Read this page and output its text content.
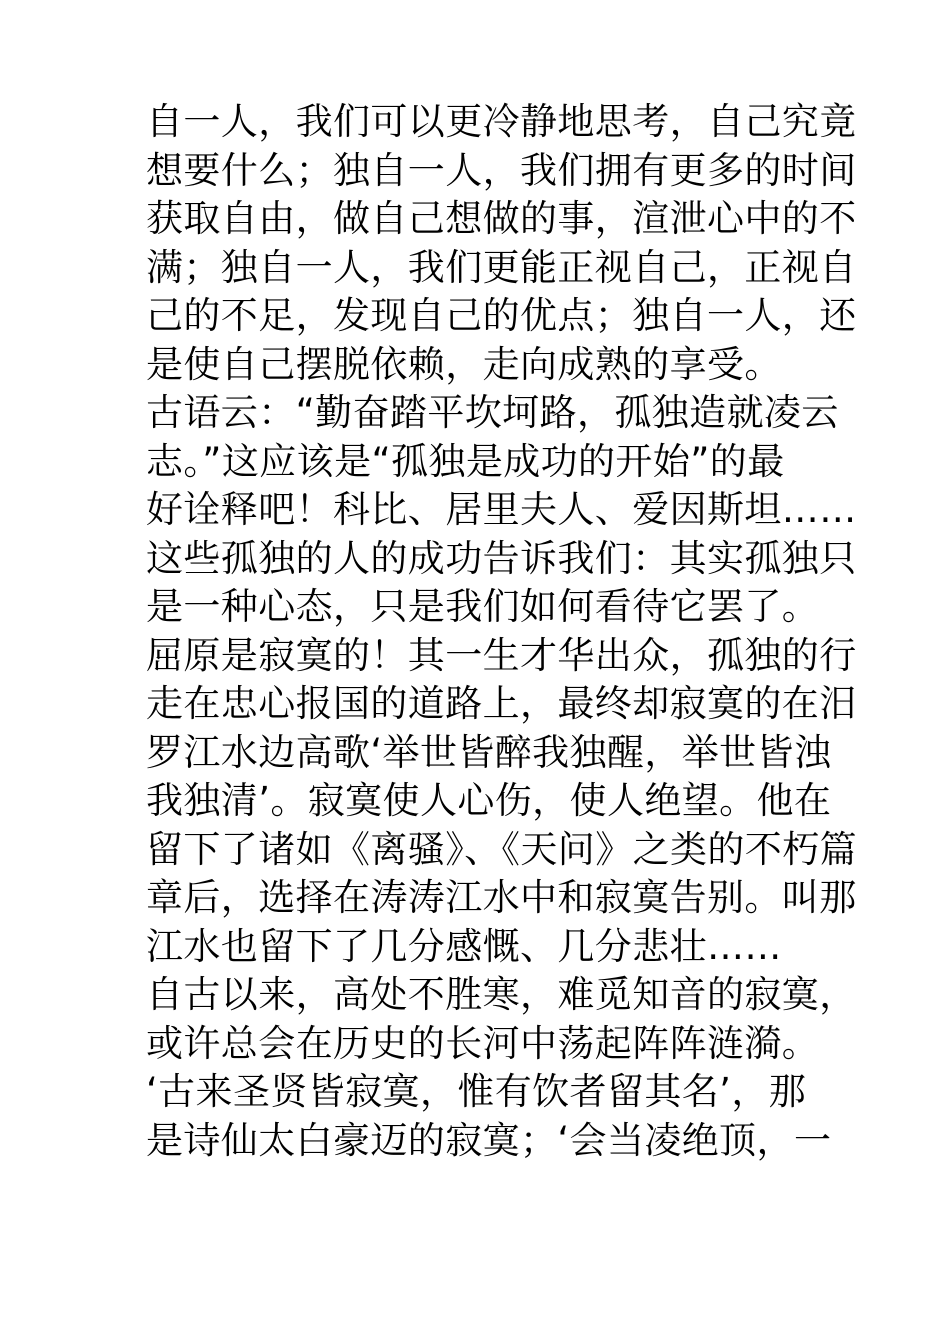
自一人，我们可以更冷静地思考，自己究竟
想要什么；独自一人，我们拥有更多的时间
获取自由，做自己想做的事，渲泄心中的不
满；独自一人，我们更能正视自己，正视自
己的不足，发现自己的优点；独自一人，还
是使自己摆脱依赖，走向成熟的享受。
古语云：“勤奋踏平坎坷路，孤独造就凌云
志。”这应该是“孤独是成功的开始”的最
好诠释吧！科比、居里夫人、爱因斯坦……
这些孤独的人的成功告诉我们：其实孤独只
是一种心态，只是我们如何看待它罢了。
屈原是寂寞的！其一生才华出众，孤独的行
走在忠心报国的道路上，最终却寂寞的在汨
罗江水边高歌‘举世皆醉我独醒，举世皆浊
我独清’。寂寞使人心伤，使人绝望。他在
留下了诸如《离骚》、《天问》之类的不朽篇
章后，选择在涛涛江水中和寂寞告别。叫那
江水也留下了几分感慨、几分悲壮……
自古以来，高处不胜寒，难觅知音的寂寞，
或许总会在历史的长河中荡起阵阵涟漪。
‘古来圣贤皆寂寞，惟有饮者留其名’，那
是诗仙太白豪迈的寂寞；‘会当凌绝顶，一
